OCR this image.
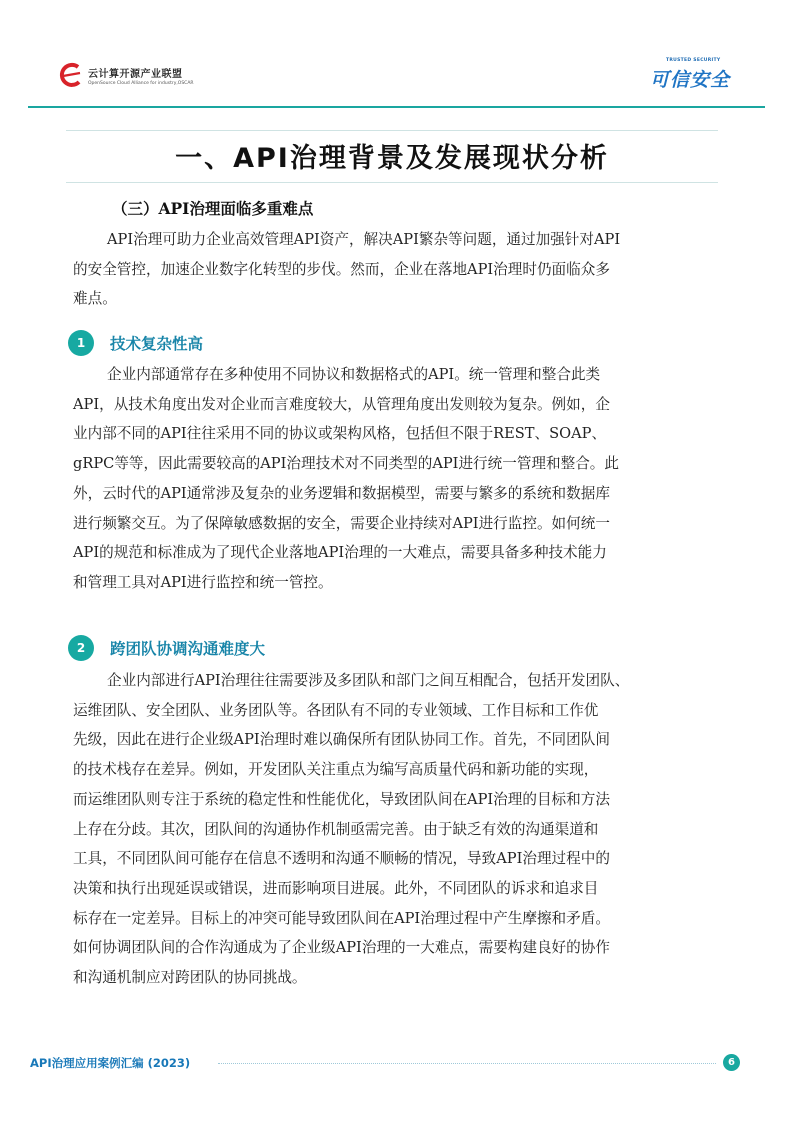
云计算开源产业联盟
OpenSource Cloud Alliance for industry,OSCAR
TRUSTED SECURITY
可信安全
一、API治理背景及发展现状分析
（三）API治理面临多重难点
API治理可助力企业高效管理API资产，解决API繁杂等问题，通过加强针对API
的安全管控，加速企业数字化转型的步伐。然而，企业在落地API治理时仍面临众多
难点。
1	技术复杂性高
企业内部通常存在多种使用不同协议和数据格式的API。统一管理和整合此类
API，从技术角度出发对企业而言难度较大，从管理角度出发则较为复杂。例如，企
业内部不同的API往往采用不同的协议或架构风格，包括但不限于REST、SOAP、
gRPC等等，因此需要较高的API治理技术对不同类型的API进行统一管理和整合。此
外，云时代的API通常涉及复杂的业务逻辑和数据模型，需要与繁多的系统和数据库
进行频繁交互。为了保障敏感数据的安全，需要企业持续对API进行监控。如何统一
API的规范和标准成为了现代企业落地API治理的一大难点，需要具备多种技术能力
和管理工具对API进行监控和统一管控。
2	跨团队协调沟通难度大
企业内部进行API治理往往需要涉及多团队和部门之间互相配合，包括开发团队、
运维团队、安全团队、业务团队等。各团队有不同的专业领域、工作目标和工作优
先级，因此在进行企业级API治理时难以确保所有团队协同工作。首先，不同团队间
的技术栈存在差异。例如，开发团队关注重点为编写高质量代码和新功能的实现，
而运维团队则专注于系统的稳定性和性能优化，导致团队间在API治理的目标和方法
上存在分歧。其次，团队间的沟通协作机制亟需完善。由于缺乏有效的沟通渠道和
工具，不同团队间可能存在信息不透明和沟通不顺畅的情况，导致API治理过程中的
决策和执行出现延误或错误，进而影响项目进展。此外，不同团队的诉求和追求目
标存在一定差异。目标上的冲突可能导致团队间在API治理过程中产生摩擦和矛盾。
如何协调团队间的合作沟通成为了企业级API治理的一大难点，需要构建良好的协作
和沟通机制应对跨团队的协同挑战。
API治理应用案例汇编 (2023)	6
